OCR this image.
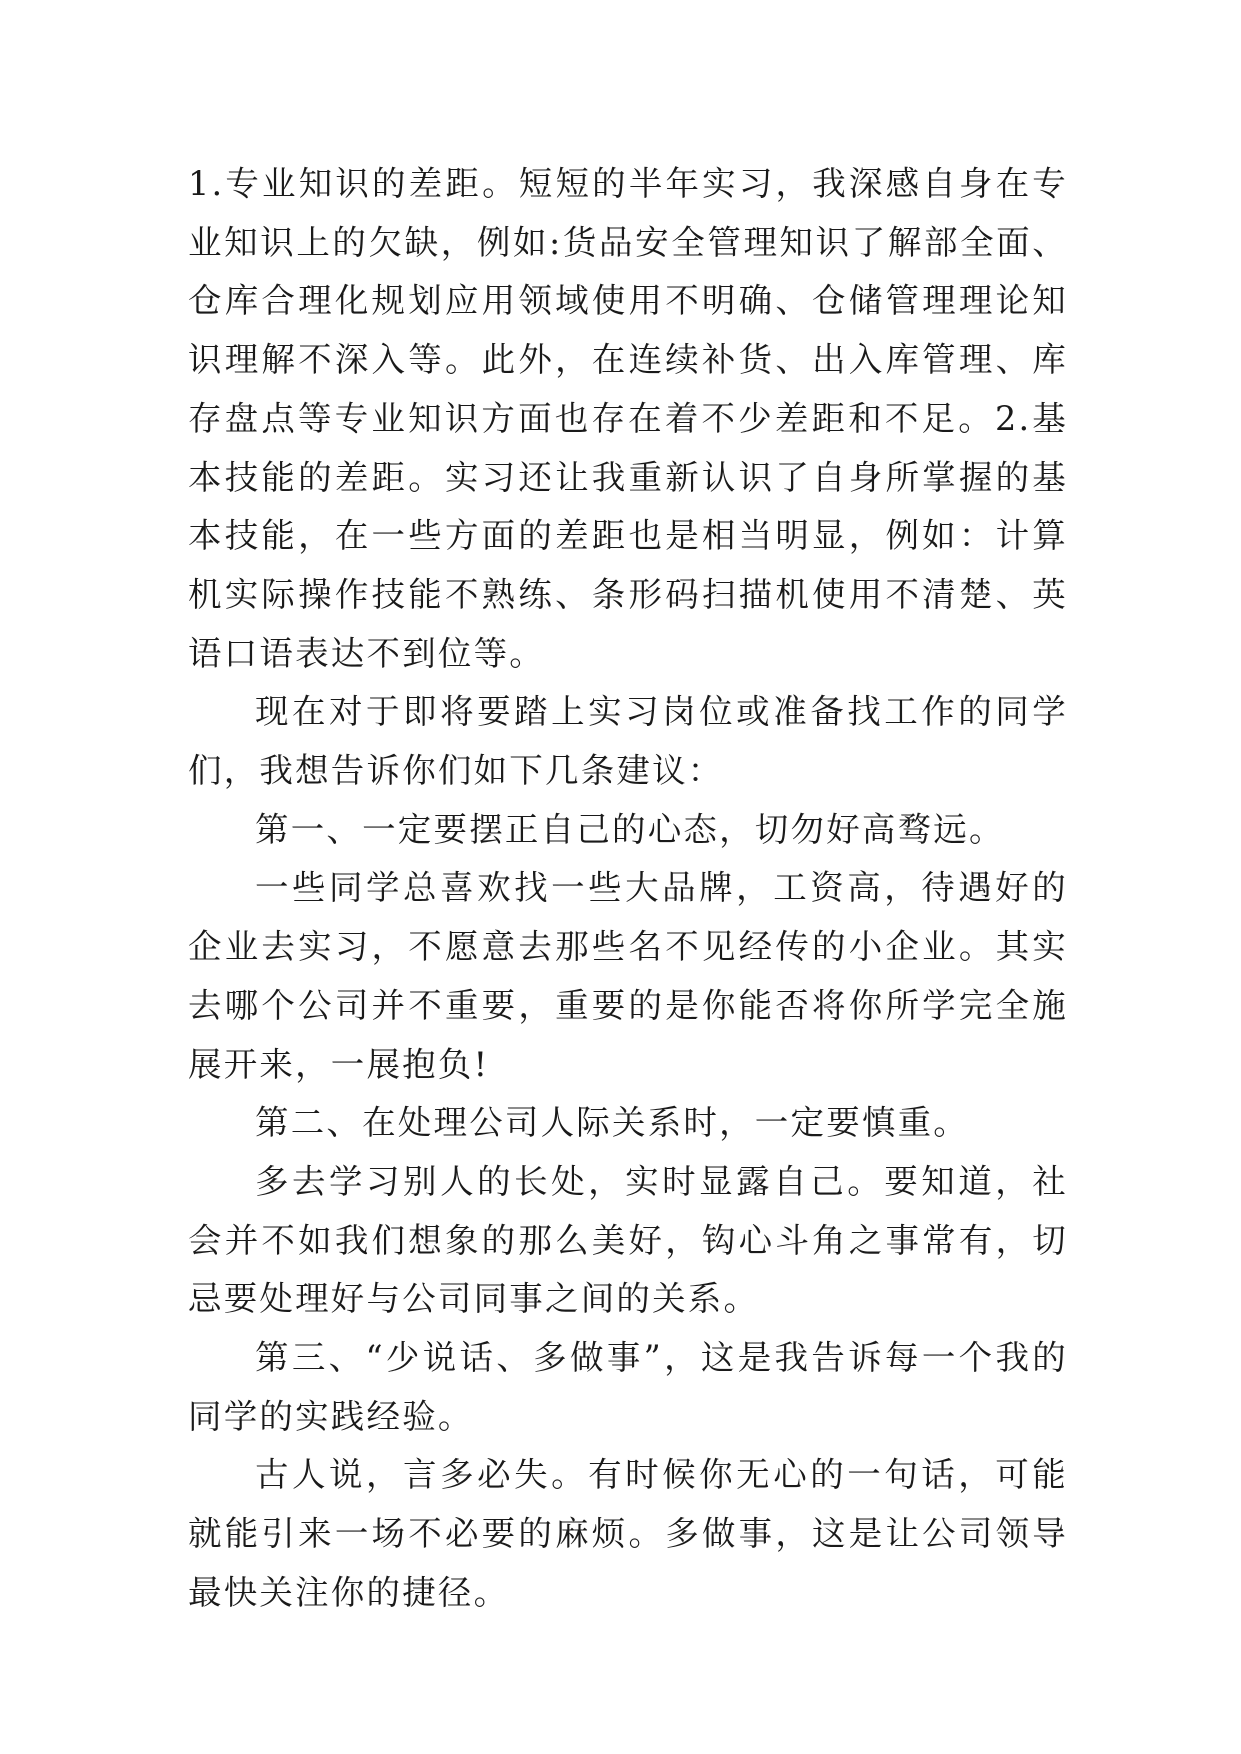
1.专业知识的差距。短短的半年实习，我深感自身在专业知识上的欠缺，例如:货品安全管理知识了解部全面、仓库合理化规划应用领域使用不明确、仓储管理理论知识理解不深入等。此外，在连续补货、出入库管理、库存盘点等专业知识方面也存在着不少差距和不足。2.基本技能的差距。实习还让我重新认识了自身所掌握的基本技能，在一些方面的差距也是相当明显，例如：计算机实际操作技能不熟练、条形码扫描机使用不清楚、英语口语表达不到位等。

现在对于即将要踏上实习岗位或准备找工作的同学们，我想告诉你们如下几条建议：

第一、一定要摆正自己的心态，切勿好高骛远。

一些同学总喜欢找一些大品牌，工资高，待遇好的企业去实习，不愿意去那些名不见经传的小企业。其实去哪个公司并不重要，重要的是你能否将你所学完全施展开来，一展抱负!

第二、在处理公司人际关系时，一定要慎重。

多去学习别人的长处，实时显露自己。要知道，社会并不如我们想象的那么美好，钩心斗角之事常有，切忌要处理好与公司同事之间的关系。

第三、“少说话、多做事”，这是我告诉每一个我的同学的实践经验。

古人说，言多必失。有时候你无心的一句话，可能就能引来一场不必要的麻烦。多做事，这是让公司领导最快关注你的捷径。
